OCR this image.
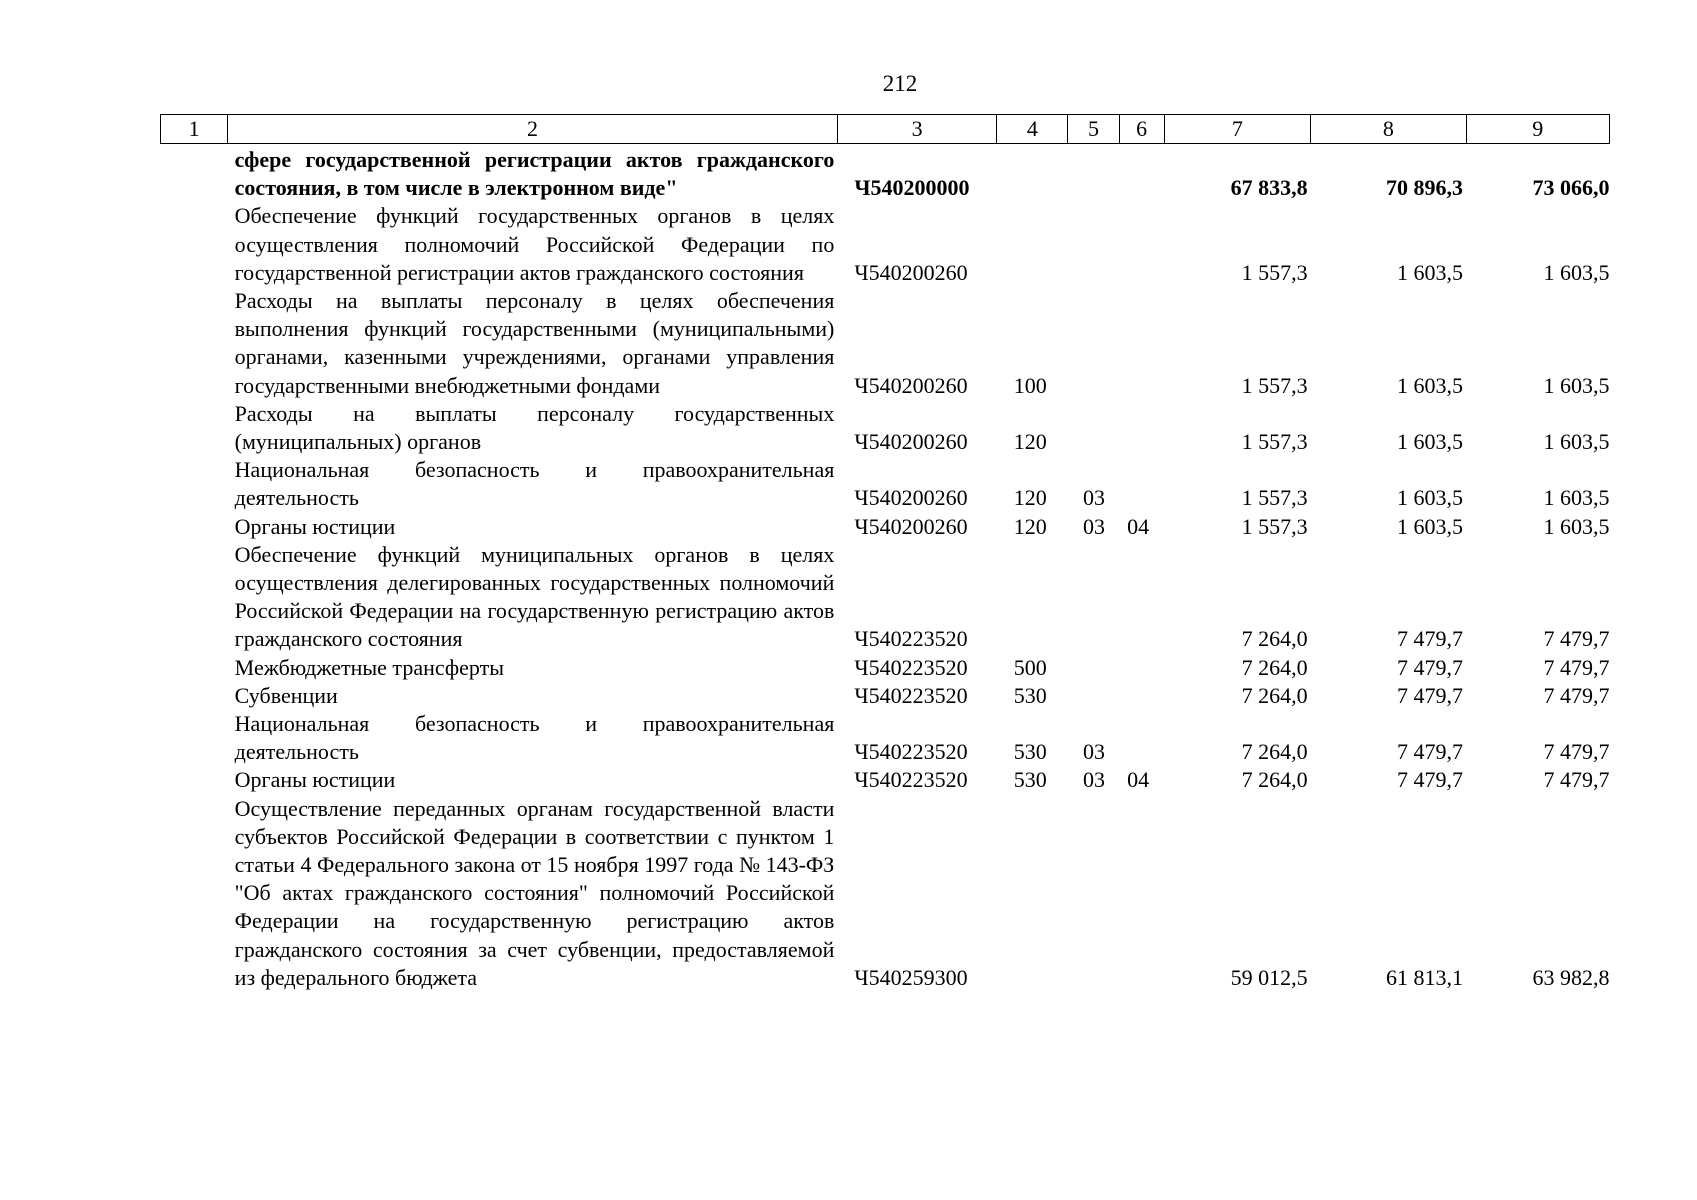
212
1	2	3	4	5	6	7	8	9
	сфере государственной регистрации актов гражданского состояния, в том числе в электронном виде"	Ч540200000				67 833,8	70 896,3	73 066,0
	Обеспечение функций государственных органов в целях осуществления полномочий Российской Федерации по государственной регистрации актов гражданского состояния	Ч540200260				1 557,3	1 603,5	1 603,5
	Расходы на выплаты персоналу в целях обеспечения выполнения функций государственными (муниципальными) органами, казенными учреждениями, органами управления государственными внебюджетными фондами	Ч540200260	100			1 557,3	1 603,5	1 603,5
	Расходы на выплаты персоналу государственных (муниципальных) органов	Ч540200260	120			1 557,3	1 603,5	1 603,5
	Национальная безопасность и правоохранительная деятельность	Ч540200260	120	03		1 557,3	1 603,5	1 603,5
	Органы юстиции	Ч540200260	120	03	04	1 557,3	1 603,5	1 603,5
	Обеспечение функций муниципальных органов в целях осуществления делегированных государственных полномочий Российской Федерации на государственную регистрацию актов гражданского состояния	Ч540223520				7 264,0	7 479,7	7 479,7
	Межбюджетные трансферты	Ч540223520	500			7 264,0	7 479,7	7 479,7
	Субвенции	Ч540223520	530			7 264,0	7 479,7	7 479,7
	Национальная безопасность и правоохранительная деятельность	Ч540223520	530	03		7 264,0	7 479,7	7 479,7
	Органы юстиции	Ч540223520	530	03	04	7 264,0	7 479,7	7 479,7
	Осуществление переданных органам государственной власти субъектов Российской Федерации в соответствии с пунктом 1 статьи 4 Федерального закона от 15 ноября 1997 года № 143-ФЗ "Об актах гражданского состояния" полномочий Российской Федерации на государственную регистрацию актов гражданского состояния за счет субвенции, предоставляемой из федерального бюджета	Ч540259300				59 012,5	61 813,1	63 982,8
